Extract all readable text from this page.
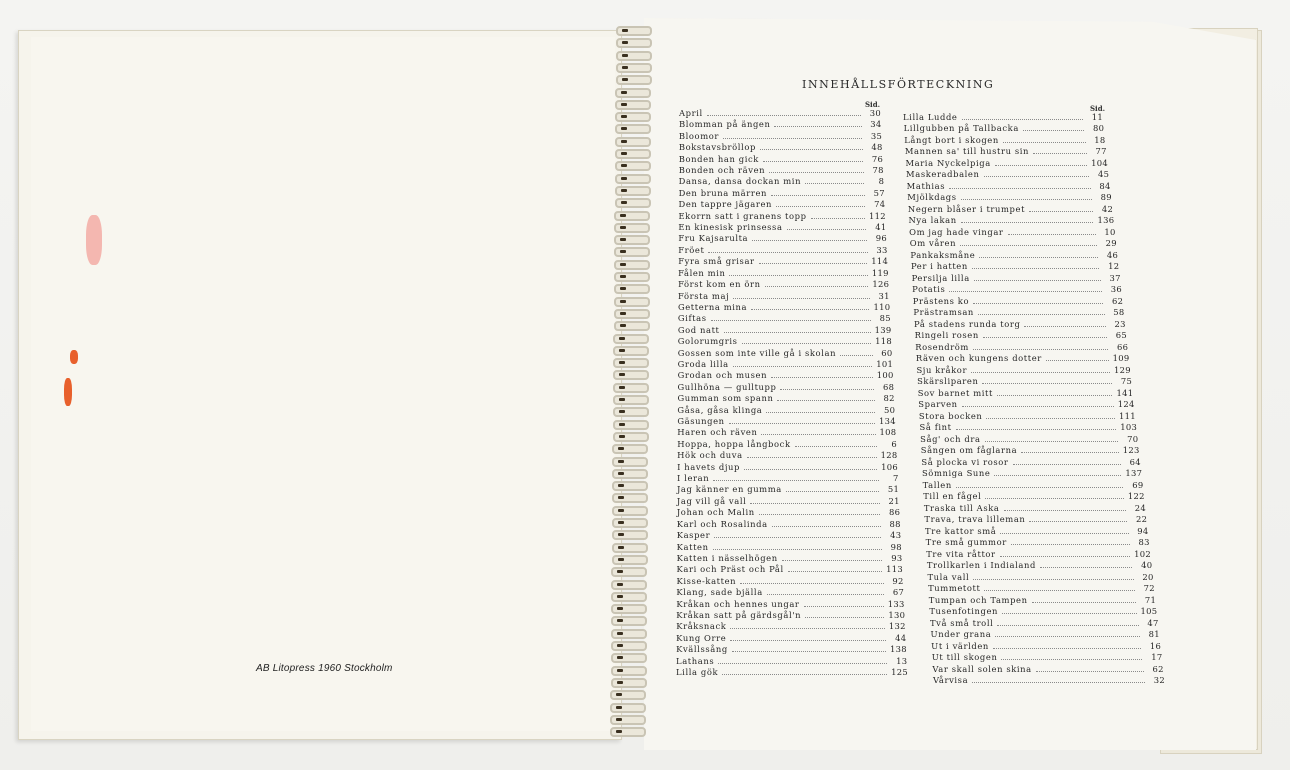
AB Litopress 1960 Stockholm
INNEHÅLLSFÖRTECKNING
Sid.	Sid.
April	30
Blomman på ängen	34
Bloomor	35
Bokstavsbröllop	48
Bonden han gick	76
Bonden och räven	78
Dansa, dansa dockan min	8
Den bruna märren	57
Den tappre jägaren	74
Ekorrn satt i granens topp	112
En kinesisk prinsessa	41
Fru Kajsarulta	96
Fröet	33
Fyra små grisar	114
Fålen min	119
Först kom en örn	126
Första maj	31
Getterna mina	110
Giftas	85
God natt	139
Golorumgris	118
Gossen som inte ville gå i skolan	60
Groda lilla	101
Grodan och musen	100
Gullhöna — gulltupp	68
Gumman som spann	82
Gåsa, gåsa klinga	50
Gäsungen	134
Haren och räven	108
Hoppa, hoppa långbock	6
Hök och duva	128
I havets djup	106
I leran	7
Jag känner en gumma	51
Jag vill gå vall	21
Johan och Malin	86
Karl och Rosalinda	88
Kasper	43
Katten	98
Katten i nässelhögen	93
Kari och Präst och Pål	113
Kisse-katten	92
Klang, sade bjälla	67
Kråkan och hennes ungar	133
Kråkan satt på gärdsgål'n	130
Kråksnack	132
Kung Orre	44
Kvällssång	138
Lathans	13
Lilla gök	125
Lilla Ludde	11
Lillgubben på Tallbacka	80
Långt bort i skogen	18
Mannen sa' till hustru sin	77
Maria Nyckelpiga	104
Maskeradbalen	45
Mathias	84
Mjölkdags	89
Negern blåser i trumpet	42
Nya lakan	136
Om jag hade vingar	10
Om våren	29
Pankaksmåne	46
Per i hatten	12
Persilja lilla	37
Potatis	36
Prästens ko	62
Prästramsan	58
På stadens runda torg	23
Ringeli rosen	65
Rosendröm	66
Räven och kungens dotter	109
Sju kråkor	129
Skärsliparen	75
Sov barnet mitt	141
Sparven	124
Stora bocken	111
Så fint	103
Såg' och dra	70
Sången om fåglarna	123
Så plocka vi rosor	64
Sömniga Sune	137
Tallen	69
Till en fågel	122
Traska till Aska	24
Trava, trava lilleman	22
Tre kattor små	94
Tre små gummor	83
Tre vita råttor	102
Trollkarlen i Indialand	40
Tula vall	20
Tummetott	72
Tumpan och Tampen	71
Tusenfotingen	105
Två små troll	47
Under grana	81
Ut i världen	16
Ut till skogen	17
Var skall solen skina	62
Vårvisa	32
